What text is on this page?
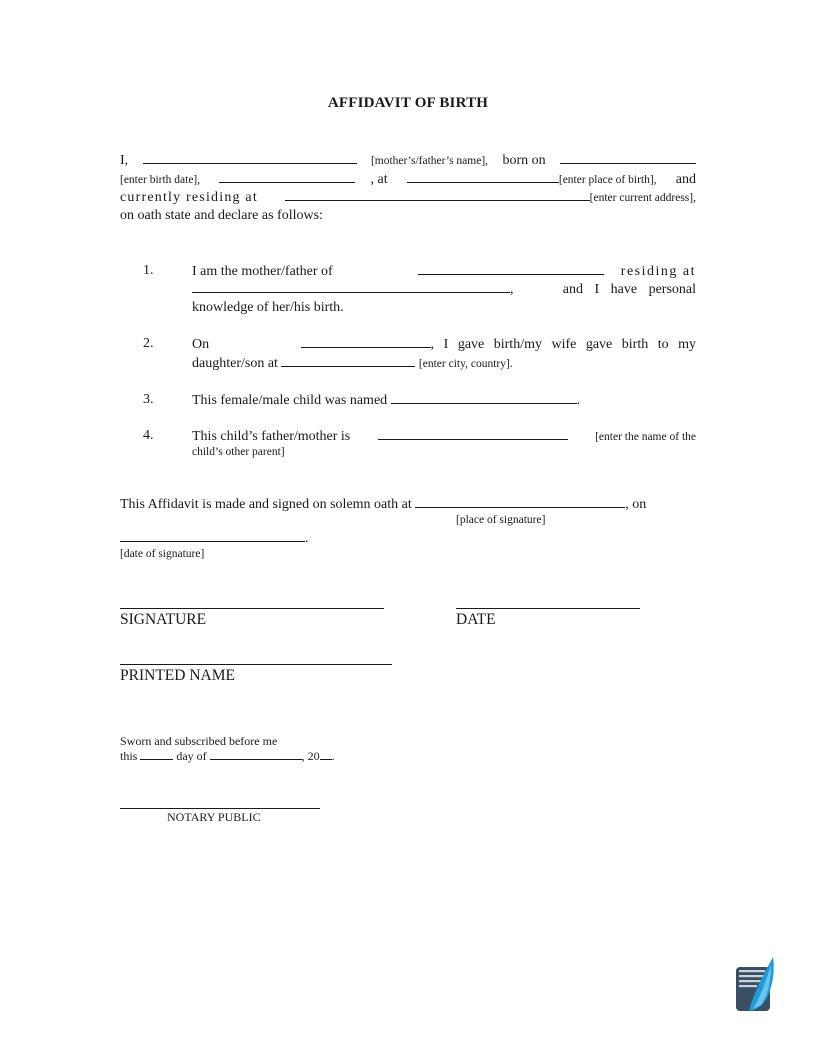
AFFIDAVIT OF BIRTH
I,	[mother’s/father’s name], born on
[enter birth date],	, at	[enter place of birth], and
currently residing at	[enter current address],
on oath state and declare as follows:
1.	I am the mother/father of	residing at
,	and I have personal
knowledge of her/his birth.
2.	On	, I gave birth/my wife gave birth to my
daughter/son at	[enter city, country].
3.	This female/male child was named	.
4.	This child’s father/mother is	[enter the name of the
child’s other parent]
This Affidavit is made and signed on solemn oath at	, on
[place of signature]
.
[date of signature]
SIGNATURE	DATE
PRINTED NAME
Sworn and subscribed before me
this	day of	, 20 .
NOTARY PUBLIC
